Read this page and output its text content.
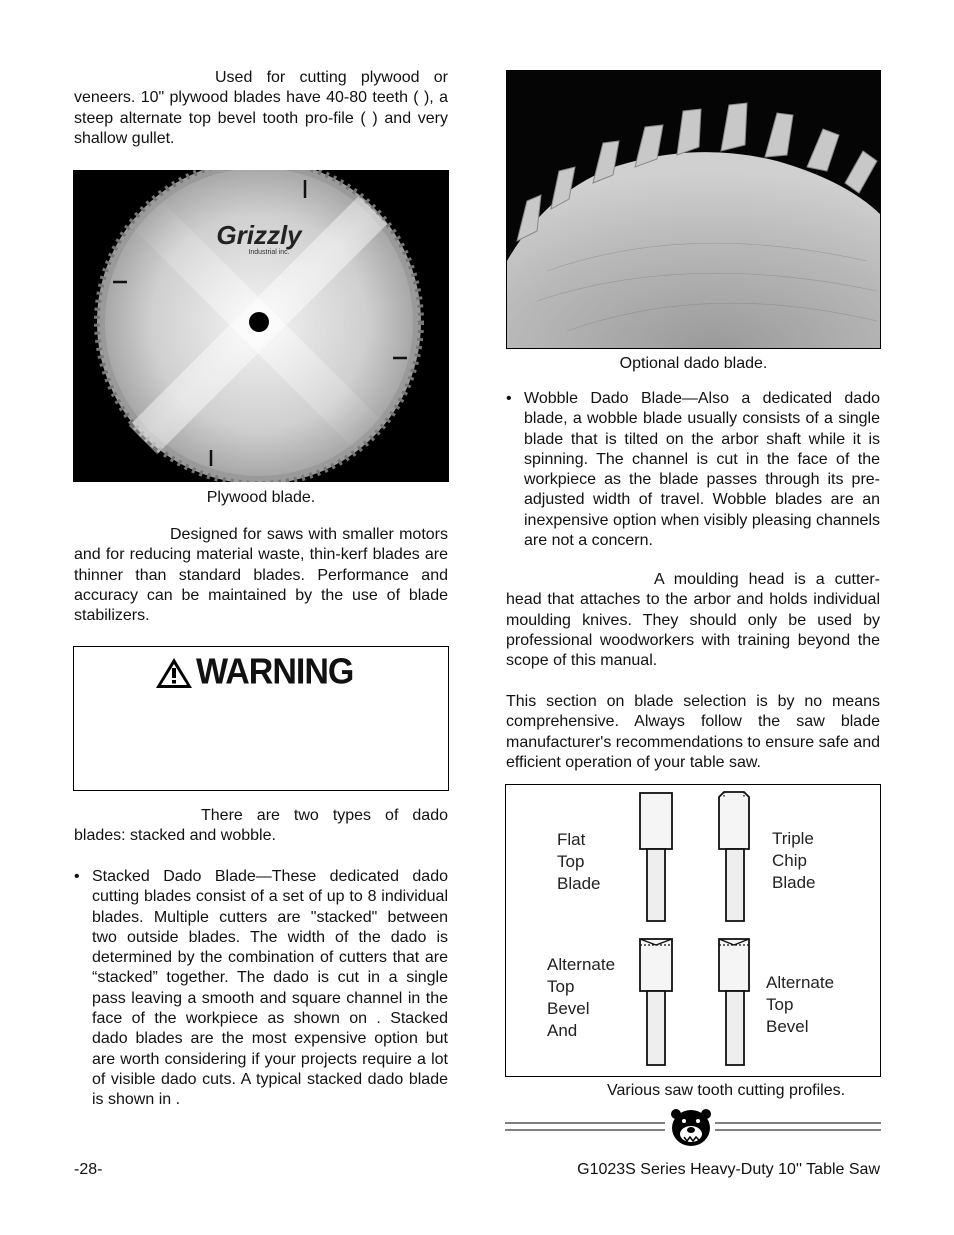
Used for cutting plywood or veneers. 10" plywood blades have 40-80 teeth ( ), a steep alternate top bevel tooth pro-file ( ) and very shallow gullet.
Grizzly
Industrial inc.
Plywood blade.
Designed for saws with smaller motors and for reducing material waste, thin-kerf blades are thinner than standard blades. Performance and accuracy can be maintained by the use of blade stabilizers.
WARNING
There are two types of dado blades: stacked and wobble.
• Stacked Dado Blade—These dedicated dado cutting blades consist of a set of up to 8 individual blades. Multiple cutters are "stacked" between two outside blades. The width of the dado is determined by the combination of cutters that are “stacked” together. The dado is cut in a single pass leaving a smooth and square channel in the face of the workpiece as shown on . Stacked dado blades are the most expensive option but are worth considering if your projects require a lot of visible dado cuts. A typical stacked dado blade is shown in .
Optional dado blade.
• Wobble Dado Blade—Also a dedicated dado blade, a wobble blade usually consists of a single blade that is tilted on the arbor shaft while it is spinning. The channel is cut in the face of the workpiece as the blade passes through its pre-adjusted width of travel. Wobble blades are an inexpensive option when visibly pleasing channels are not a concern.
A moulding head is a cutter-head that attaches to the arbor and holds individual moulding knives. They should only be used by professional woodworkers with training beyond the scope of this manual.
This section on blade selection is by no means comprehensive. Always follow the saw blade manufacturer's recommendations to ensure safe and efficient operation of your table saw.
Flat
Top
Blade
Triple
Chip
Blade
Alternate
Top
Bevel
And
Alternate
Top
Bevel
Various saw tooth cutting profiles.
-28-	G1023S Series Heavy-Duty 10'' Table Saw
